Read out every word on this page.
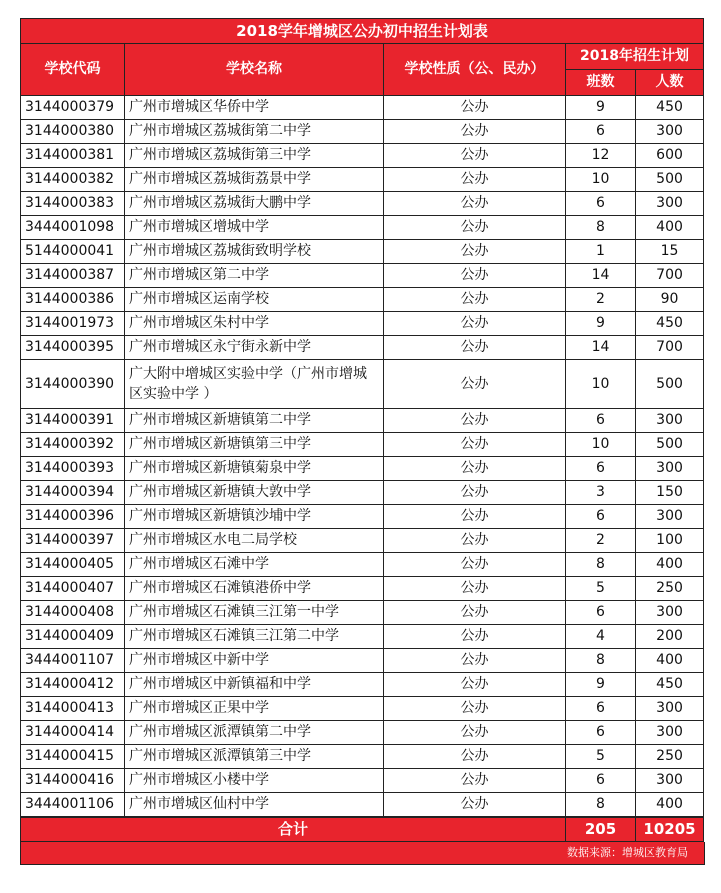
2018学年增城区公办初中招生计划表				
学校代码	学校名称	学校性质（公、民办）	2018年招生计划	
			班数	人数
3144000379	广州市增城区华侨中学	公办	9	450
3144000380	广州市增城区荔城街第二中学	公办	6	300
3144000381	广州市增城区荔城街第三中学	公办	12	600
3144000382	广州市增城区荔城街荔景中学	公办	10	500
3144000383	广州市增城区荔城街大鹏中学	公办	6	300
3444001098	广州市增城区增城中学	公办	8	400
5144000041	广州市增城区荔城街致明学校	公办	1	15
3144000387	广州市增城区第二中学	公办	14	700
3144000386	广州市增城区运南学校	公办	2	90
3144001973	广州市增城区朱村中学	公办	9	450
3144000395	广州市增城区永宁街永新中学	公办	14	700
3144000390	广大附中增城区实验中学（广州市增城区实验中学 ）	公办	10	500
3144000391	广州市增城区新塘镇第二中学	公办	6	300
3144000392	广州市增城区新塘镇第三中学	公办	10	500
3144000393	广州市增城区新塘镇菊泉中学	公办	6	300
3144000394	广州市增城区新塘镇大敦中学	公办	3	150
3144000396	广州市增城区新塘镇沙埔中学	公办	6	300
3144000397	广州市增城区水电二局学校	公办	2	100
3144000405	广州市增城区石滩中学	公办	8	400
3144000407	广州市增城区石滩镇港侨中学	公办	5	250
3144000408	广州市增城区石滩镇三江第一中学	公办	6	300
3144000409	广州市增城区石滩镇三江第二中学	公办	4	200
3444001107	广州市增城区中新中学	公办	8	400
3144000412	广州市增城区中新镇福和中学	公办	9	450
3144000413	广州市增城区正果中学	公办	6	300
3144000414	广州市增城区派潭镇第二中学	公办	6	300
3144000415	广州市增城区派潭镇第三中学	公办	5	250
3144000416	广州市增城区小楼中学	公办	6	300
3444001106	广州市增城区仙村中学	公办	8	400
合计	205	10205
数据来源：增城区教育局
